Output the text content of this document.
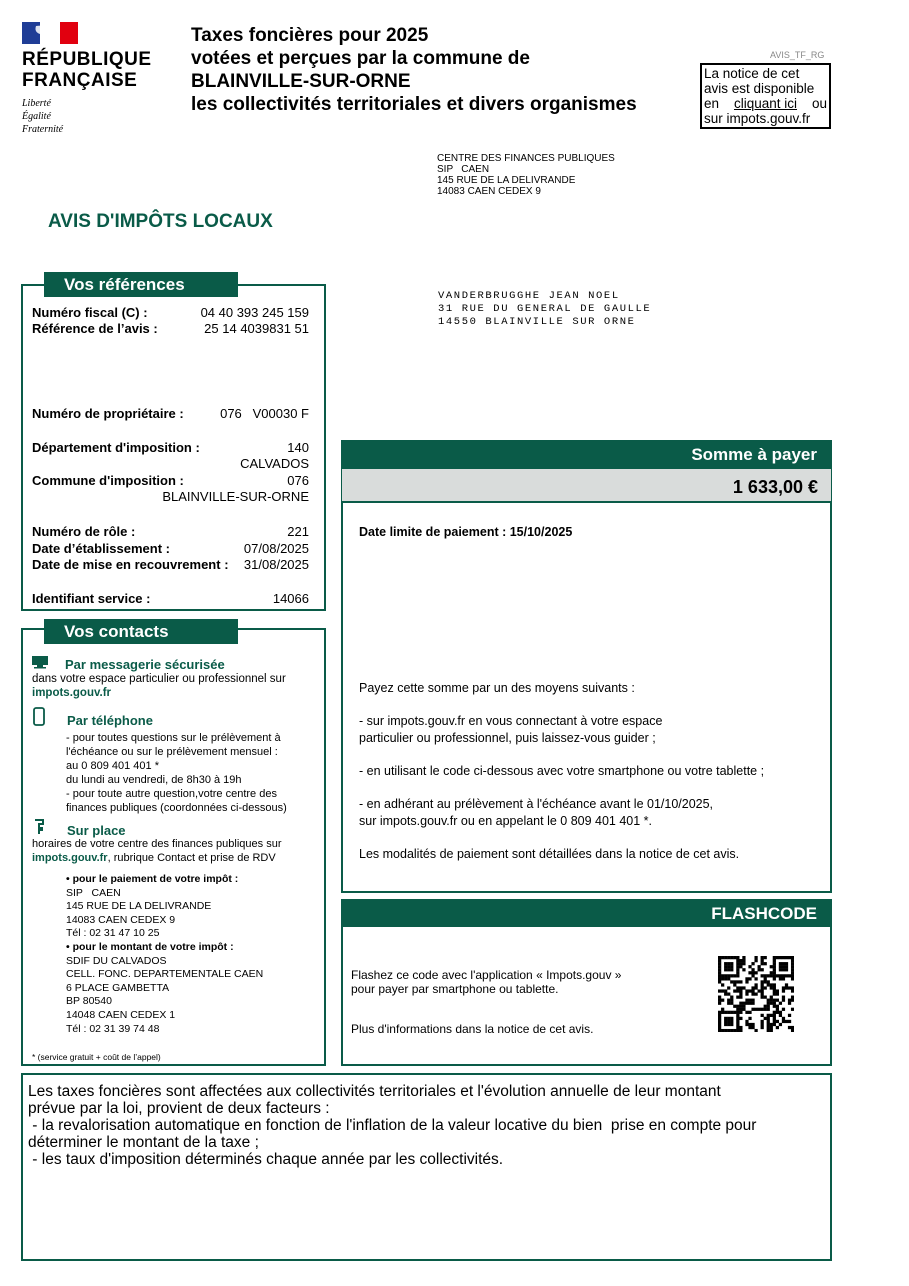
RÉPUBLIQUE
FRANÇAISE
Liberté
Égalité
Fraternité
Taxes foncières pour 2025
votées et perçues par la commune de
BLAINVILLE-SUR-ORNE
les collectivités territoriales et divers organismes
AVIS_TF_RG
La notice de cet
avis est disponible
en cliquant ici ou
sur impots.gouv.fr
CENTRE DES FINANCES PUBLIQUES
SIP   CAEN
145 RUE DE LA DELIVRANDE
14083 CAEN CEDEX 9
AVIS D'IMPÔTS LOCAUX
VANDERBRUGGHE JEAN NOEL
31 RUE DU GENERAL DE GAULLE
14550 BLAINVILLE SUR ORNE
Vos références
Numéro fiscal (C) :	04 40 393 245 159
Référence de l’avis :	25 14 4039831 51
Numéro de propriétaire :	076   V00030 F
Département d'imposition :	140
CALVADOS
Commune d'imposition :	076
BLAINVILLE-SUR-ORNE
Numéro de rôle :	221
Date d’établissement :	07/08/2025
Date de mise en recouvrement : 31/08/2025
Identifiant service :	14066
Vos contacts
Par messagerie sécurisée
dans votre espace particulier ou professionnel sur
impots.gouv.fr
Par téléphone
- pour toutes questions sur le prélèvement à
l'échéance ou sur le prélèvement mensuel :
au 0 809 401 401 *
du lundi au vendredi, de 8h30 à 19h
- pour toute autre question,votre centre des
finances publiques (coordonnées ci-dessous)
Sur place
horaires de votre centre des finances publiques sur
impots.gouv.fr, rubrique Contact et prise de RDV
• pour le paiement de votre impôt :
SIP   CAEN
145 RUE DE LA DELIVRANDE
14083 CAEN CEDEX 9
Tél : 02 31 47 10 25
• pour le montant de votre impôt :
SDIF DU CALVADOS
CELL. FONC. DEPARTEMENTALE CAEN
6 PLACE GAMBETTA
BP 80540
14048 CAEN CEDEX 1
Tél : 02 31 39 74 48
* (service gratuit + coût de l’appel)
Somme à payer
1 633,00 €
Date limite de paiement : 15/10/2025
Payez cette somme par un des moyens suivants :
- sur impots.gouv.fr en vous connectant à votre espace
particulier ou professionnel, puis laissez-vous guider ;
- en utilisant le code ci-dessous avec votre smartphone ou votre tablette ;
- en adhérant au prélèvement à l'échéance avant le 01/10/2025,
sur impots.gouv.fr ou en appelant le 0 809 401 401 *.
Les modalités de paiement sont détaillées dans la notice de cet avis.
FLASHCODE
Flashez ce code avec l'application « Impots.gouv »
pour payer par smartphone ou tablette.
Plus d'informations dans la notice de cet avis.
Les taxes foncières sont affectées aux collectivités territoriales et l'évolution annuelle de leur montant
prévue par la loi, provient de deux facteurs :
- la revalorisation automatique en fonction de l'inflation de la valeur locative du bien  prise en compte pour
déterminer le montant de la taxe ;
- les taux d'imposition déterminés chaque année par les collectivités.
